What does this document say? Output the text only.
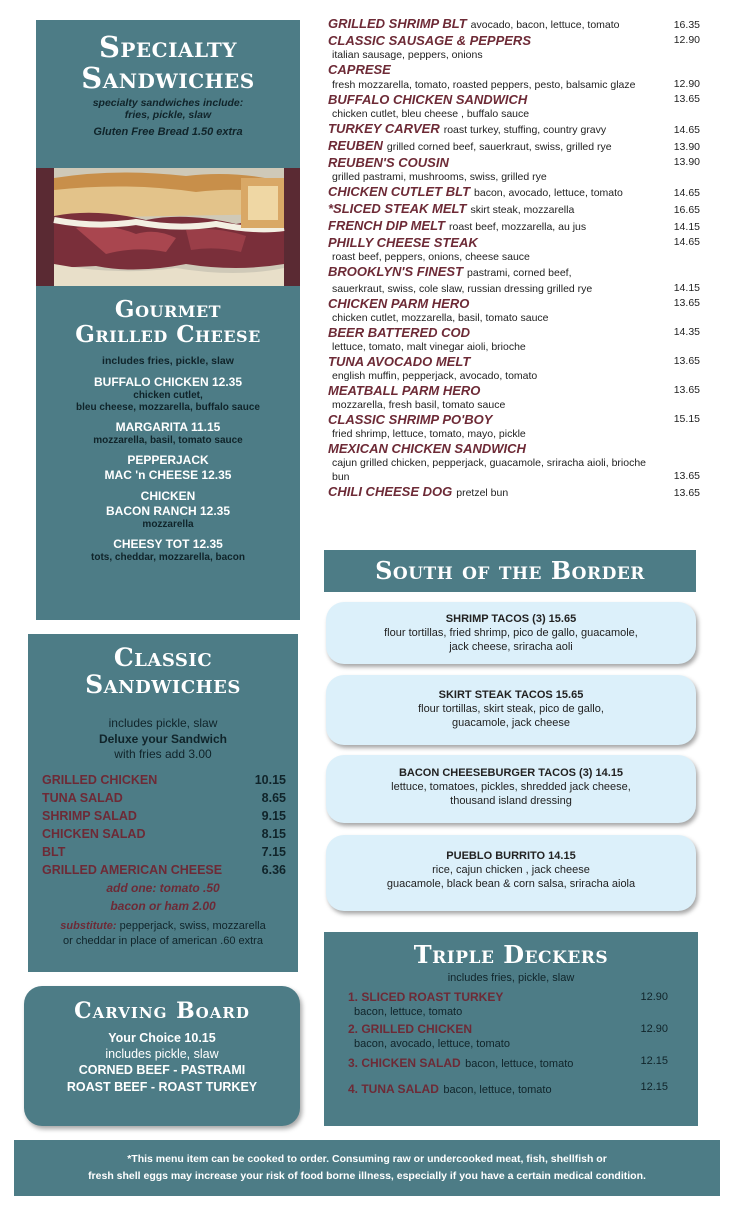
Specialty
Sandwiches
specialty sandwiches include:
fries, pickle, slaw
Gluten Free Bread 1.50 extra
Gourmet
Grilled Cheese
includes fries, pickle, slaw
BUFFALO CHICKEN 12.35
chicken cutlet,
bleu cheese, mozzarella, buffalo sauce
MARGARITA 11.15
mozzarella, basil, tomato sauce
PEPPERJACK
MAC 'n CHEESE 12.35
CHICKEN
BACON RANCH 12.35
mozzarella
CHEESY TOT 12.35
tots, cheddar, mozzarella, bacon
Classic
Sandwiches
includes pickle, slaw
Deluxe your Sandwich
with fries add 3.00
GRILLED CHICKEN	10.15
TUNA SALAD	8.65
SHRIMP SALAD	9.15
CHICKEN SALAD	8.15
BLT	7.15
GRILLED AMERICAN CHEESE	6.36
add one: tomato .50
bacon or ham 2.00
substitute: pepperjack, swiss, mozzarella
or cheddar in place of american .60 extra
Carving Board
Your Choice 10.15
includes pickle, slaw
CORNED BEEF - PASTRAMI
ROAST BEEF - ROAST TURKEY
GRILLED SHRIMP BLT avocado, bacon, lettuce, tomato	16.35
CLASSIC SAUSAGE & PEPPERS	12.90
italian sausage, peppers, onions
CAPRESE
fresh mozzarella, tomato, roasted peppers, pesto, balsamic glaze	12.90
BUFFALO CHICKEN SANDWICH	13.65
chicken cutlet, bleu cheese , buffalo sauce
TURKEY CARVER roast turkey, stuffing, country gravy	14.65
REUBEN grilled corned beef, sauerkraut, swiss, grilled rye	13.90
REUBEN'S COUSIN	13.90
grilled pastrami, mushrooms, swiss, grilled rye
CHICKEN CUTLET BLT bacon, avocado, lettuce, tomato	14.65
*SLICED STEAK MELT skirt steak, mozzarella	16.65
FRENCH DIP MELT roast beef, mozzarella, au jus	14.15
PHILLY CHEESE STEAK	14.65
roast beef, peppers, onions, cheese sauce
BROOKLYN'S FINEST pastrami, corned beef,
sauerkraut, swiss, cole slaw, russian dressing grilled rye	14.15
CHICKEN PARM HERO	13.65
chicken cutlet, mozzarella, basil, tomato sauce
BEER BATTERED COD	14.35
lettuce, tomato, malt vinegar aioli, brioche
TUNA AVOCADO MELT	13.65
english muffin, pepperjack, avocado, tomato
MEATBALL PARM HERO	13.65
mozzarella, fresh basil, tomato sauce
CLASSIC SHRIMP PO'BOY	15.15
fried shrimp, lettuce, tomato, mayo, pickle
MEXICAN CHICKEN SANDWICH
cajun grilled chicken, pepperjack, guacamole, sriracha aioli, brioche bun	13.65
CHILI CHEESE DOG pretzel bun	13.65
South of the Border
SHRIMP TACOS (3) 15.65
flour tortillas, fried shrimp, pico de gallo, guacamole,
jack cheese, sriracha aoli
SKIRT STEAK TACOS 15.65
flour tortillas, skirt steak, pico de gallo,
guacamole, jack cheese
BACON CHEESEBURGER TACOS (3) 14.15
lettuce, tomatoes, pickles, shredded jack cheese,
thousand island dressing
PUEBLO BURRITO 14.15
rice, cajun chicken , jack cheese
guacamole, black bean & corn salsa, sriracha aiola
Triple Deckers
includes fries, pickle, slaw
1. SLICED ROAST TURKEY	12.90
bacon, lettuce, tomato
2. GRILLED CHICKEN	12.90
bacon, avocado, lettuce, tomato
3. CHICKEN SALAD bacon, lettuce, tomato	12.15
4. TUNA SALAD bacon, lettuce, tomato	12.15
*This menu item can be cooked to order. Consuming raw or undercooked meat, fish, shellfish or
fresh shell eggs may increase your risk of food borne illness, especially if you have a certain medical condition.
